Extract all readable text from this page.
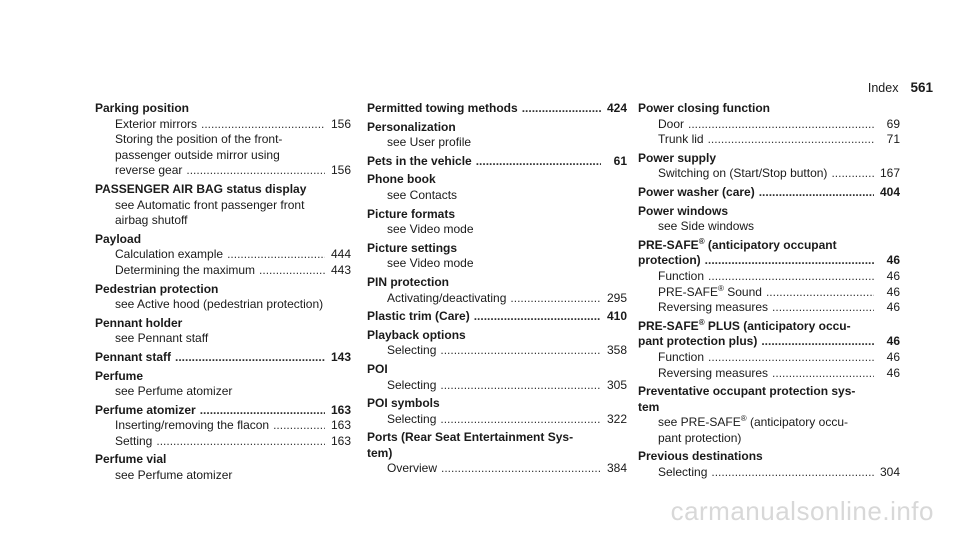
Index 561
Parking position
Exterior mirrors .....	156
Storing the position of the front-
passenger outside mirror using
reverse gear .....	156
PASSENGER AIR BAG status display
see Automatic front passenger front
airbag shutoff
Payload
Calculation example .....	444
Determining the maximum .....	443
Pedestrian protection
see Active hood (pedestrian protection)
Pennant holder
see Pennant staff
Pennant staff .....	143
Perfume
see Perfume atomizer
Perfume atomizer .....	163
Inserting/removing the flacon .....	163
Setting .....	163
Perfume vial
see Perfume atomizer
Permitted towing methods .....	424
Personalization
see User profile
Pets in the vehicle .....	61
Phone book
see Contacts
Picture formats
see Video mode
Picture settings
see Video mode
PIN protection
Activating/deactivating .....	295
Plastic trim (Care) .....	410
Playback options
Selecting .....	358
POI
Selecting .....	305
POI symbols
Selecting .....	322
Ports (Rear Seat Entertainment Sys-
tem)
Overview .....	384
Power closing function
Door .....	69
Trunk lid .....	71
Power supply
Switching on (Start/Stop button) .....	167
Power washer (care) .....	404
Power windows
see Side windows
PRE-SAFE® (anticipatory occupant
protection) .....	46
Function .....	46
PRE-SAFE® Sound .....	46
Reversing measures .....	46
PRE-SAFE® PLUS (anticipatory occu-
pant protection plus) .....	46
Function .....	46
Reversing measures .....	46
Preventative occupant protection sys-
tem
see PRE-SAFE® (anticipatory occu-
pant protection)
Previous destinations
Selecting .....	304
carmanualsonline.info
